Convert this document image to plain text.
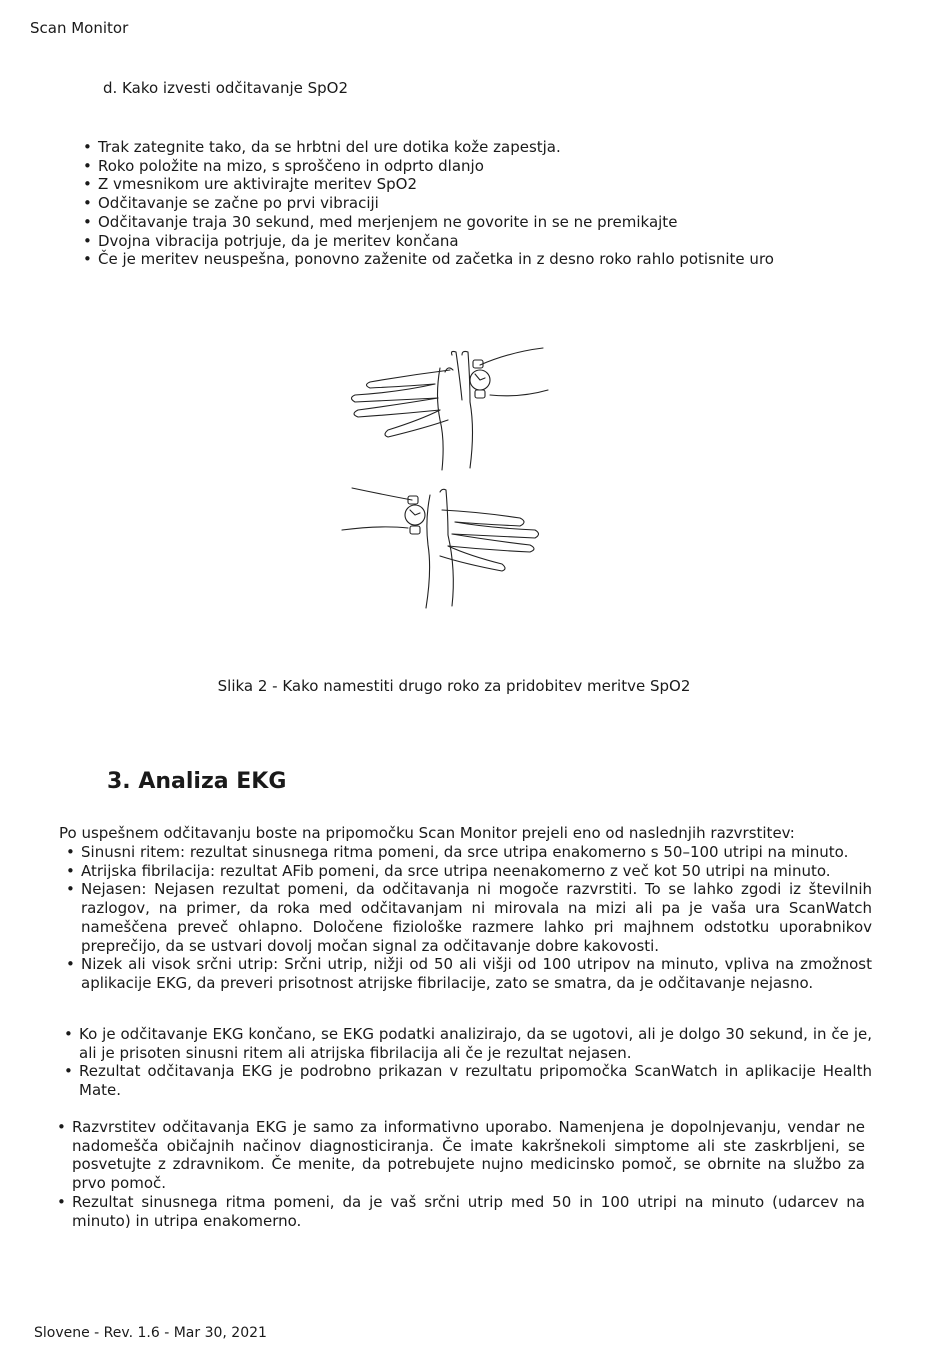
Scan Monitor
d. Kako izvesti odčitavanje SpO2
• Trak zategnite tako, da se hrbtni del ure dotika kože zapestja.
• Roko položite na mizo, s sproščeno in odprto dlanjo
• Z vmesnikom ure aktivirajte meritev SpO2
• Odčitavanje se začne po prvi vibraciji
• Odčitavanje traja 30 sekund, med merjenjem ne govorite in se ne premikajte
• Dvojna vibracija potrjuje, da je meritev končana
• Če je meritev neuspešna, ponovno zaženite od začetka in z desno roko rahlo potisnite uro
Slika 2 - Kako namestiti drugo roko za pridobitev meritve SpO2
3. Analiza EKG
Po uspešnem odčitavanju boste na pripomočku Scan Monitor prejeli eno od naslednjih razvrstitev:
• Sinusni ritem: rezultat sinusnega ritma pomeni, da srce utripa enakomerno s 50–100 utripi na minuto.
• Atrijska fibrilacija: rezultat AFib pomeni, da srce utripa neenakomerno z več kot 50 utripi na minuto.
• Nejasen: Nejasen rezultat pomeni, da odčitavanja ni mogoče razvrstiti. To se lahko zgodi iz številnih razlogov, na primer, da roka med odčitavanjam ni mirovala na mizi ali pa je vaša ura ScanWatch nameščena preveč ohlapno. Določene fiziološke razmere lahko pri majhnem odstotku uporabnikov preprečijo, da se ustvari dovolj močan signal za odčitavanje dobre kakovosti.
• Nizek ali visok srčni utrip: Srčni utrip, nižji od 50 ali višji od 100 utripov na minuto, vpliva na zmožnost aplikacije EKG, da preveri prisotnost atrijske fibrilacije, zato se smatra, da je odčitavanje nejasno.
• Ko je odčitavanje EKG končano, se EKG podatki analizirajo, da se ugotovi, ali je dolgo 30 sekund, in če je, ali je prisoten sinusni ritem ali atrijska fibrilacija ali če je rezultat nejasen.
• Rezultat odčitavanja EKG je podrobno prikazan v rezultatu pripomočka ScanWatch in aplikacije Health Mate.
• Razvrstitev odčitavanja EKG je samo za informativno uporabo. Namenjena je dopolnjevanju, vendar ne nadomešča običajnih načinov diagnosticiranja. Če imate kakršnekoli simptome ali ste zaskrbljeni, se posvetujte z zdravnikom. Če menite, da potrebujete nujno medicinsko pomoč, se obrnite na službo za prvo pomoč.
• Rezultat sinusnega ritma pomeni, da je vaš srčni utrip med 50 in 100 utripi na minuto (udarcev na minuto) in utripa enakomerno.
Slovene - Rev. 1.6 - Mar 30, 2021
